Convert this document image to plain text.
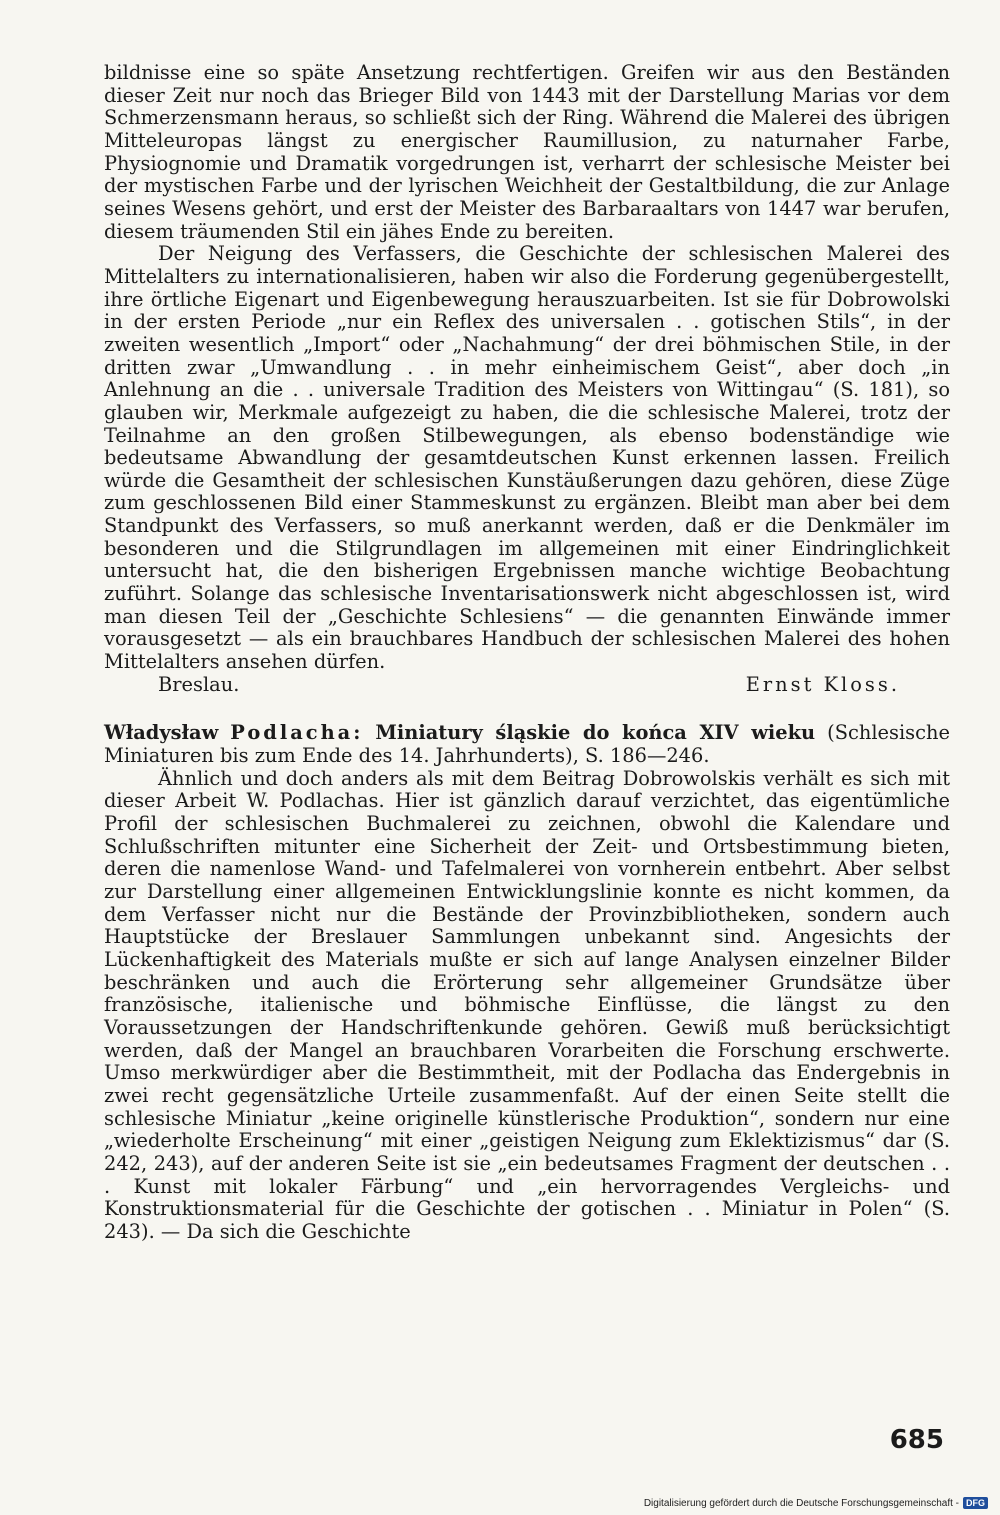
bildnisse eine so späte Ansetzung rechtfertigen. Greifen wir aus den Beständen dieser Zeit nur noch das Brieger Bild von 1443 mit der Darstellung Marias vor dem Schmerzensmann heraus, so schließt sich der Ring. Während die Malerei des übrigen Mitteleuropas längst zu energischer Raumillusion, zu naturnaher Farbe, Physiognomie und Dramatik vorgedrungen ist, verharrt der schlesische Meister bei der mystischen Farbe und der lyrischen Weichheit der Gestaltbildung, die zur Anlage seines Wesens gehört, und erst der Meister des Barbaraaltars von 1447 war berufen, diesem träumenden Stil ein jähes Ende zu bereiten.

Der Neigung des Verfassers, die Geschichte der schlesischen Malerei des Mittelalters zu internationalisieren, haben wir also die Forderung gegenübergestellt, ihre örtliche Eigenart und Eigenbewegung herauszuarbeiten. Ist sie für Dobrowolski in der ersten Periode „nur ein Reflex des universalen . . gotischen Stils“, in der zweiten wesentlich „Import“ oder „Nachahmung“ der drei böhmischen Stile, in der dritten zwar „Umwandlung . . in mehr einheimischem Geist“, aber doch „in Anlehnung an die . . universale Tradition des Meisters von Wittingau“ (S. 181), so glauben wir, Merkmale aufgezeigt zu haben, die die schlesische Malerei, trotz der Teilnahme an den großen Stilbewegungen, als ebenso bodenständige wie bedeutsame Abwandlung der gesamtdeutschen Kunst erkennen lassen. Freilich würde die Gesamtheit der schlesischen Kunstäußerungen dazu gehören, diese Züge zum geschlossenen Bild einer Stammeskunst zu ergänzen. Bleibt man aber bei dem Standpunkt des Verfassers, so muß anerkannt werden, daß er die Denkmäler im besonderen und die Stilgrundlagen im allgemeinen mit einer Eindringlichkeit untersucht hat, die den bisherigen Ergebnissen manche wichtige Beobachtung zuführt. Solange das schlesische Inventarisationswerk nicht abgeschlossen ist, wird man diesen Teil der „Geschichte Schlesiens“ — die genannten Einwände immer vorausgesetzt — als ein brauchbares Handbuch der schlesischen Malerei des hohen Mittelalters ansehen dürfen.

Breslau.	Ernst Kloss.

Władysław Podlacha: Miniatury śląskie do końca XIV wieku (Schlesische Miniaturen bis zum Ende des 14. Jahrhunderts), S. 186—246.

Ähnlich und doch anders als mit dem Beitrag Dobrowolskis verhält es sich mit dieser Arbeit W. Podlachas. Hier ist gänzlich darauf verzichtet, das eigentümliche Profil der schlesischen Buchmalerei zu zeichnen, obwohl die Kalendare und Schlußschriften mitunter eine Sicherheit der Zeit- und Ortsbestimmung bieten, deren die namenlose Wand- und Tafelmalerei von vornherein entbehrt. Aber selbst zur Darstellung einer allgemeinen Entwicklungslinie konnte es nicht kommen, da dem Verfasser nicht nur die Bestände der Provinzbibliotheken, sondern auch Hauptstücke der Breslauer Sammlungen unbekannt sind. Angesichts der Lückenhaftigkeit des Materials mußte er sich auf lange Analysen einzelner Bilder beschränken und auch die Erörterung sehr allgemeiner Grundsätze über französische, italienische und böhmische Einflüsse, die längst zu den Voraussetzungen der Handschriftenkunde gehören. Gewiß muß berücksichtigt werden, daß der Mangel an brauchbaren Vorarbeiten die Forschung erschwerte. Umso merkwürdiger aber die Bestimmtheit, mit der Podlacha das Endergebnis in zwei recht gegensätzliche Urteile zusammenfaßt. Auf der einen Seite stellt die schlesische Miniatur „keine originelle künstlerische Produktion“, sondern nur eine „wiederholte Erscheinung“ mit einer „geistigen Neigung zum Eklektizismus“ dar (S. 242, 243), auf der anderen Seite ist sie „ein bedeutsames Fragment der deutschen . . . Kunst mit lokaler Färbung“ und „ein hervorragendes Vergleichs- und Konstruktionsmaterial für die Geschichte der gotischen . . Miniatur in Polen“ (S. 243). — Da sich die Geschichte

685
Digitalisierung gefördert durch die Deutsche Forschungsgemeinschaft - DFG
